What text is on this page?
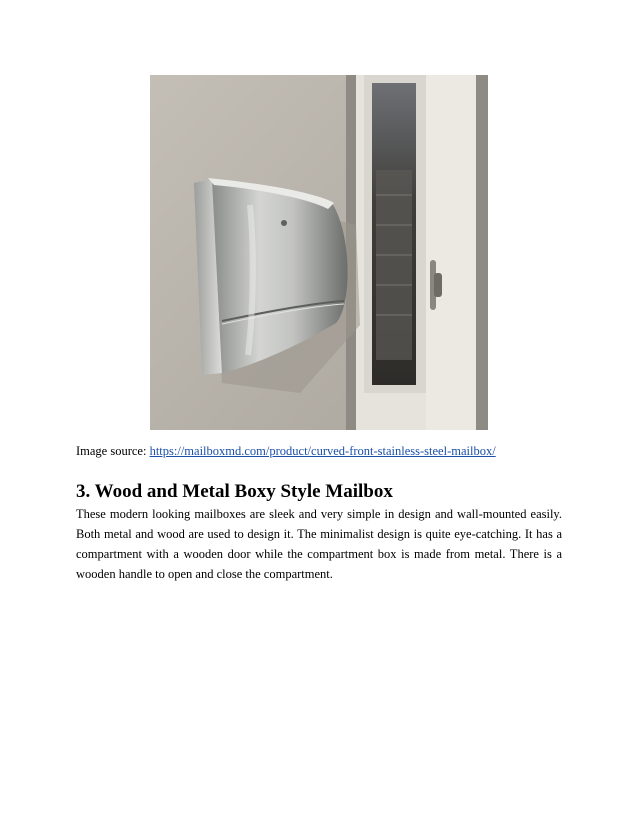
Image source: https://mailboxmd.com/product/curved-front-stainless-steel-mailbox/
3. Wood and Metal Boxy Style Mailbox

These modern looking mailboxes are sleek and very simple in design and wall-mounted easily. Both metal and wood are used to design it. The minimalist design is quite eye-catching. It has a compartment with a wooden door while the compartment box is made from metal. There is a wooden handle to open and close the compartment.
